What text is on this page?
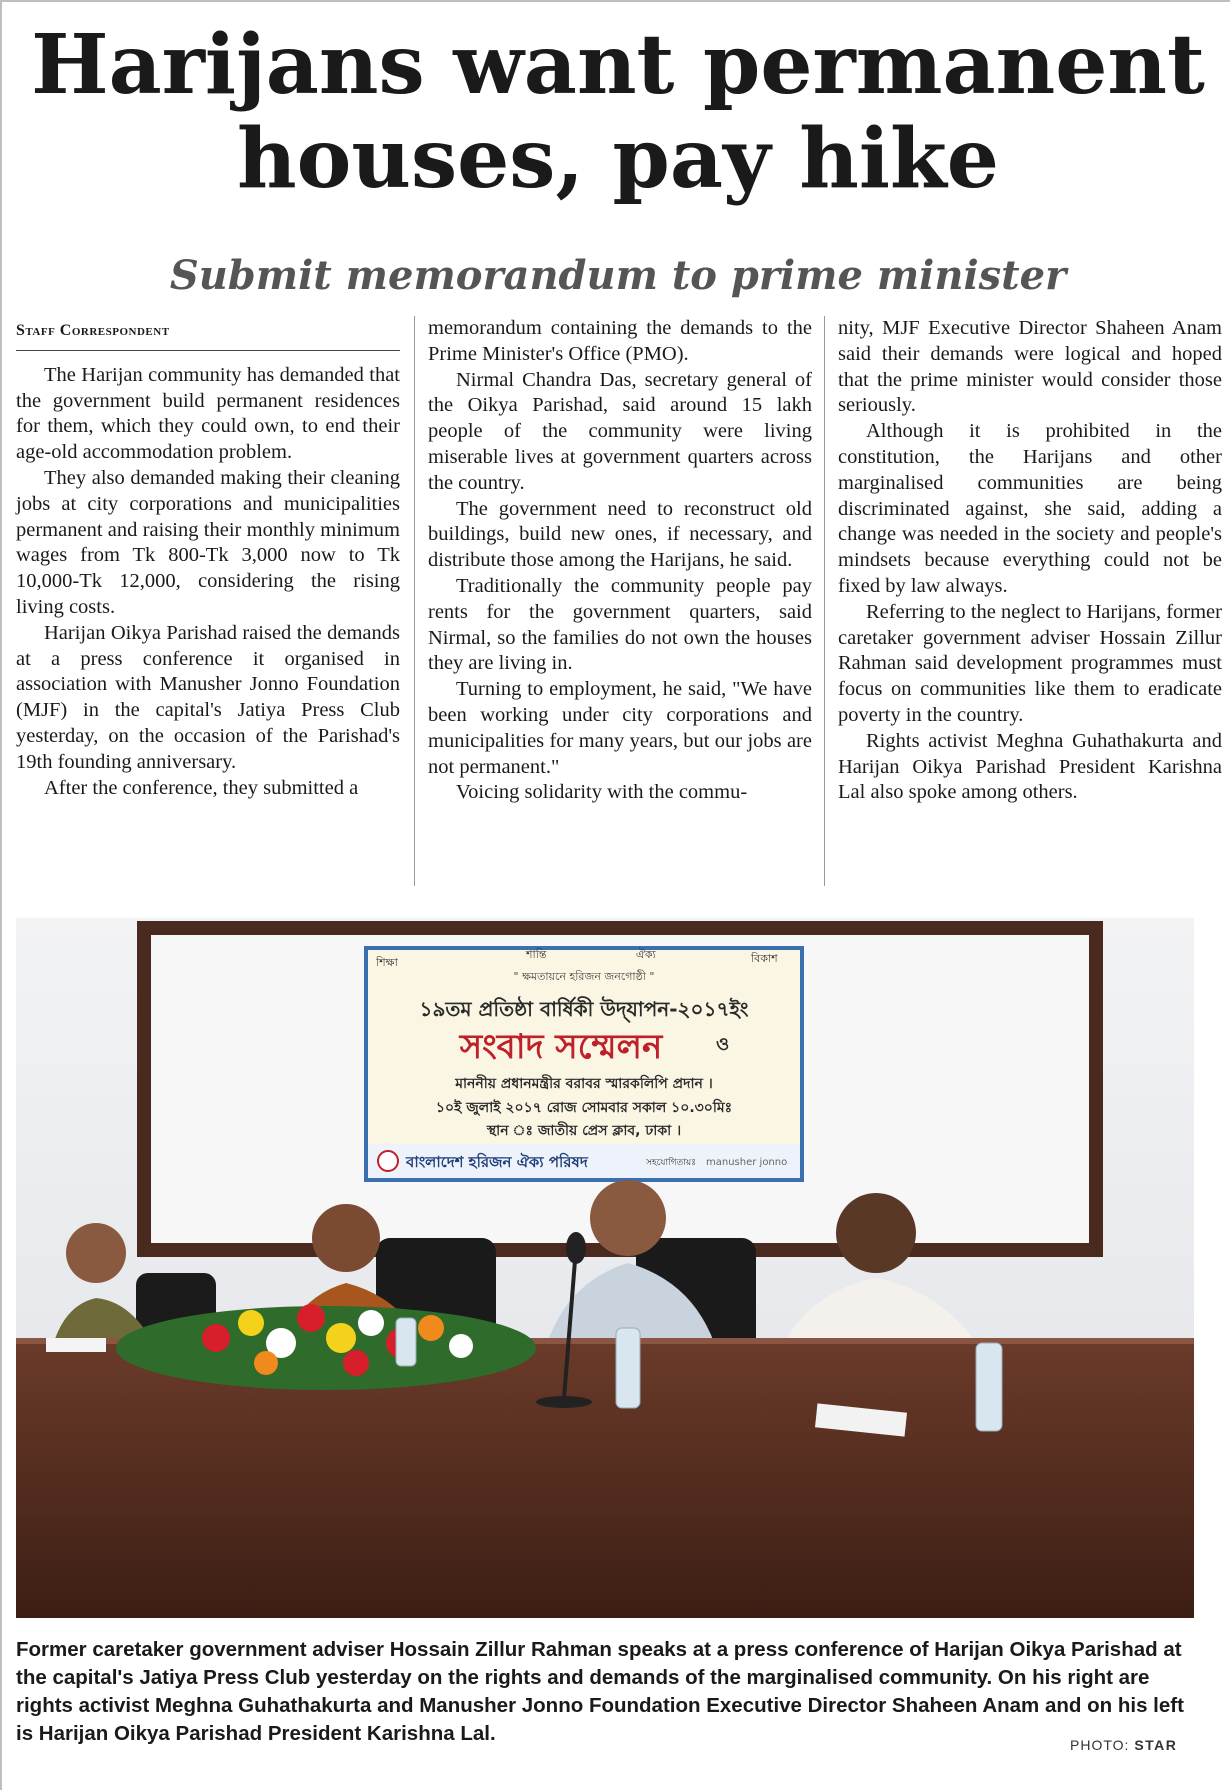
Harijans want permanent
houses, pay hike
Submit memorandum to prime minister
Staff Correspondent

The Harijan community has demanded that the government build permanent residences for them, which they could own, to end their age-old accommodation problem.

They also demanded making their cleaning jobs at city corporations and municipalities permanent and raising their monthly minimum wages from Tk 800-Tk 3,000 now to Tk 10,000-Tk 12,000, considering the rising living costs.

Harijan Oikya Parishad raised the demands at a press conference it organised in association with Manusher Jonno Foundation (MJF) in the capital's Jatiya Press Club yesterday, on the occasion of the Parishad's 19th founding anniversary.

After the conference, they submitted a

memorandum containing the demands to the Prime Minister's Office (PMO).

Nirmal Chandra Das, secretary general of the Oikya Parishad, said around 15 lakh people of the community were living miserable lives at government quarters across the country.

The government need to reconstruct old buildings, build new ones, if necessary, and distribute those among the Harijans, he said.

Traditionally the community people pay rents for the government quarters, said Nirmal, so the families do not own the houses they are living in.

Turning to employment, he said, "We have been working under city corporations and municipalities for many years, but our jobs are not permanent."

Voicing solidarity with the commu-

nity, MJF Executive Director Shaheen Anam said their demands were logical and hoped that the prime minister would consider those seriously.

Although it is prohibited in the constitution, the Harijans and other marginalised communities are being discriminated against, she said, adding a change was needed in the society and people's mindsets because everything could not be fixed by law always.

Referring to the neglect to Harijans, former caretaker government adviser Hossain Zillur Rahman said development programmes must focus on communities like them to eradicate poverty in the country.

Rights activist Meghna Guhathakurta and Harijan Oikya Parishad President Karishna Lal also spoke among others.

শিক্ষা
শান্তি	ঐক্য	বিকাশ
" ক্ষমতায়নে হরিজন জনগোষ্ঠী "
১৯তম প্রতিষ্ঠা বার্ষিকী উদ্‌যাপন-২০১৭ইং
সংবাদ সম্মেলন	ও
মাননীয় প্রধানমন্ত্রীর বরাবর স্মারকলিপি প্রদান ।
১০ই জুলাই ২০১৭ রোজ সোমবার সকাল ১০.৩০মিঃ
স্থান ঃ জাতীয় প্রেস ক্লাব, ঢাকা ।
বাংলাদেশ হরিজন ঐক্য পরিষদ	সহযোগিতায়ঃ manusher jonno
Former caretaker government adviser Hossain Zillur Rahman speaks at a press conference of Harijan Oikya Parishad at the capital's Jatiya Press Club yesterday on the rights and demands of the marginalised community. On his right are rights activist Meghna Guhathakurta and Manusher Jonno Foundation Executive Director Shaheen Anam and on his left is Harijan Oikya Parishad President Karishna Lal.	PHOTO: STAR
